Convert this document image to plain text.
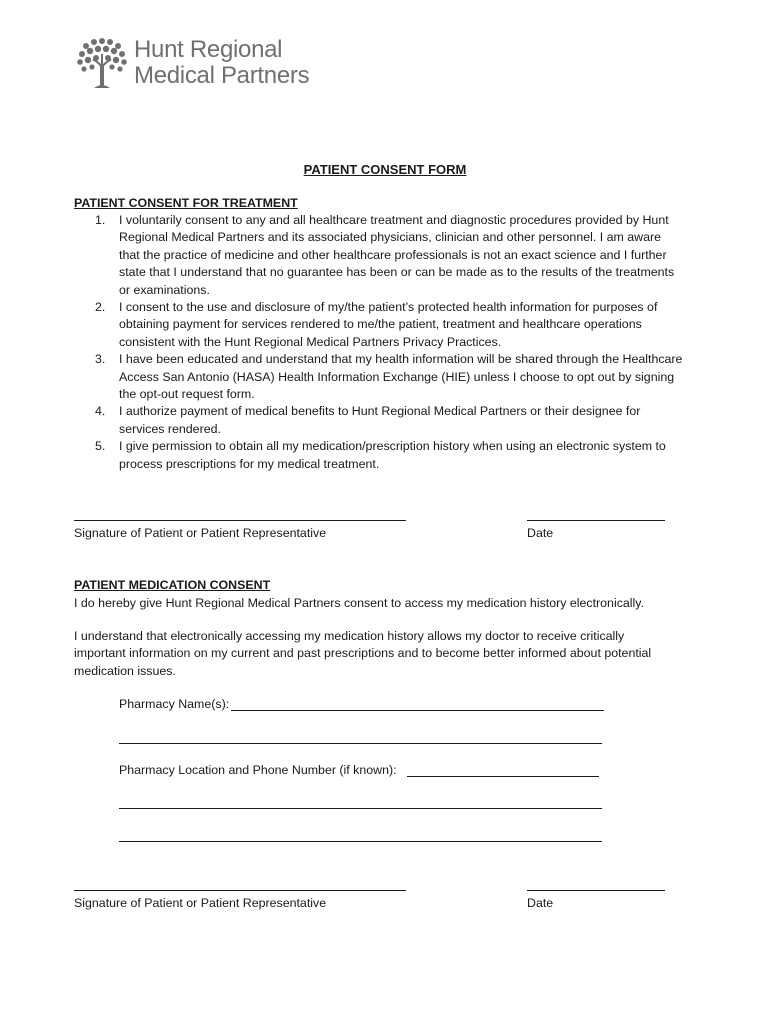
Hunt Regional
Medical Partners
PATIENT CONSENT FORM
PATIENT CONSENT FOR TREATMENT
1. I voluntarily consent to any and all healthcare treatment and diagnostic procedures provided by Hunt Regional Medical Partners and its associated physicians, clinician and other personnel. I am aware that the practice of medicine and other healthcare professionals is not an exact science and I further state that I understand that no guarantee has been or can be made as to the results of the treatments or examinations.
2. I consent to the use and disclosure of my/the patient’s protected health information for purposes of obtaining payment for services rendered to me/the patient, treatment and healthcare operations consistent with the Hunt Regional Medical Partners Privacy Practices.
3. I have been educated and understand that my health information will be shared through the Healthcare Access San Antonio (HASA) Health Information Exchange (HIE) unless I choose to opt out by signing the opt-out request form.
4. I authorize payment of medical benefits to Hunt Regional Medical Partners or their designee for services rendered.
5. I give permission to obtain all my medication/prescription history when using an electronic system to process prescriptions for my medical treatment.
Signature of Patient or Patient Representative	Date
PATIENT MEDICATION CONSENT
I do hereby give Hunt Regional Medical Partners consent to access my medication history electronically.
I understand that electronically accessing my medication history allows my doctor to receive critically important information on my current and past prescriptions and to become better informed about potential medication issues.
Pharmacy Name(s):
Pharmacy Location and Phone Number (if known):
Signature of Patient or Patient Representative	Date
